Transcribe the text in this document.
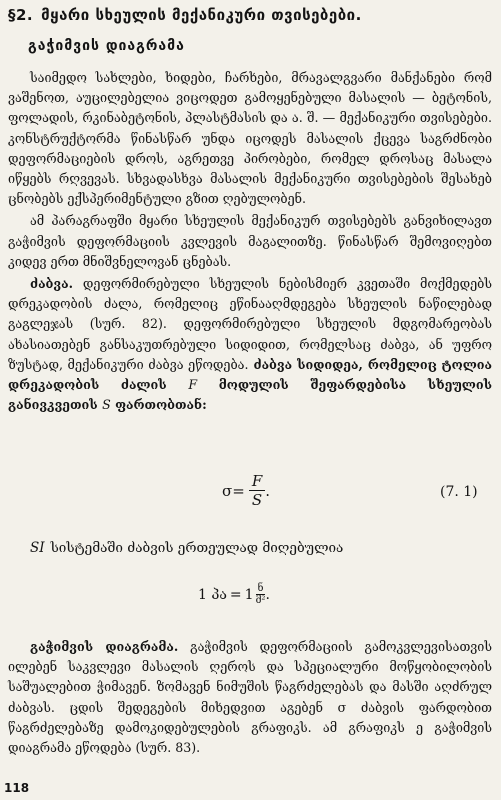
§2. მყარი სხეულის მექანიკური თვისებები.
გაჭიმვის დიაგრამა

საიმედო სახლები, ხიდები, ჩარხები, მრავალგვარი მანქანები რომ ვაშენოთ, აუცილებელია ვიცოდეთ გამოყენებული მასალის — ბეტონის, ფოლადის, რკინაბეტონის, პლასტმასის და ა. შ. — მექანიკური თვისებები. კონსტრუქტორმა წინასწარ უნდა იცოდეს მასალის ქცევა საგრძნობი დეფორმაციების დროს, აგრეთვე პირობები, რომელ დროსაც მასალა იწყებს რღვევას. სხვადასხვა მასალის მექანიკური თვისებების შესახებ ცნობებს ექსპერიმენტული გზით ღებულობენ.

ამ პარაგრაფში მყარი სხეულის მექანიკურ თვისებებს განვიხილავთ გაჭიმვის დეფორმაციის კვლევის მაგალითზე. წინასწარ შემოვიღებთ კიდევ ერთ მნიშვნელოვან ცნებას.

ძაბვა. დეფორმირებული სხეულის ნებისმიერ კვეთაში მოქმედებს დრეკადობის ძალა, რომელიც ეწინააღმდეგება სხეულის ნაწილებად გაგლეჯას (სურ. 82). დეფორმირებული სხეულის მდგომარეობას ახასიათებენ განსაკუთრებული სიდიდით, რომელსაც ძაბვა, ან უფრო ზუსტად, მექანიკური ძაბვა ეწოდება. ძაბვა სიდიდეა, რომელიც ტოლია დრეკადობის ძალის F მოდულის შეფარდებისა სხეულის განივკვეთის S ფართობთან:

$\sigma = \frac{F}{S}$ .	(7. 1)
SI სისტემაში ძაბვის ერთეულად მიღებულია
1 პა = 1 ნ
მ² .

გაჭიმვის დიაგრამა. გაჭიმვის დეფორმაციის გამოკვლევისათვის ილებენ საკვლევი მასალის ღეროს და სპეციალური მოწყობილობის საშუალებით ჭიმავენ. ზომავენ ნიმუშის წაგრძელებას და მასში აღძრულ ძაბვას. ცდის შედეგების მიხედვით აგებენ σ ძაბვის ფარდობით წაგრძელებაზე დამოკიდებულების გრაფიკს. ამ გრაფიკს ე გაჭიმვის დიაგრამა ეწოდება (სურ. 83).

118
